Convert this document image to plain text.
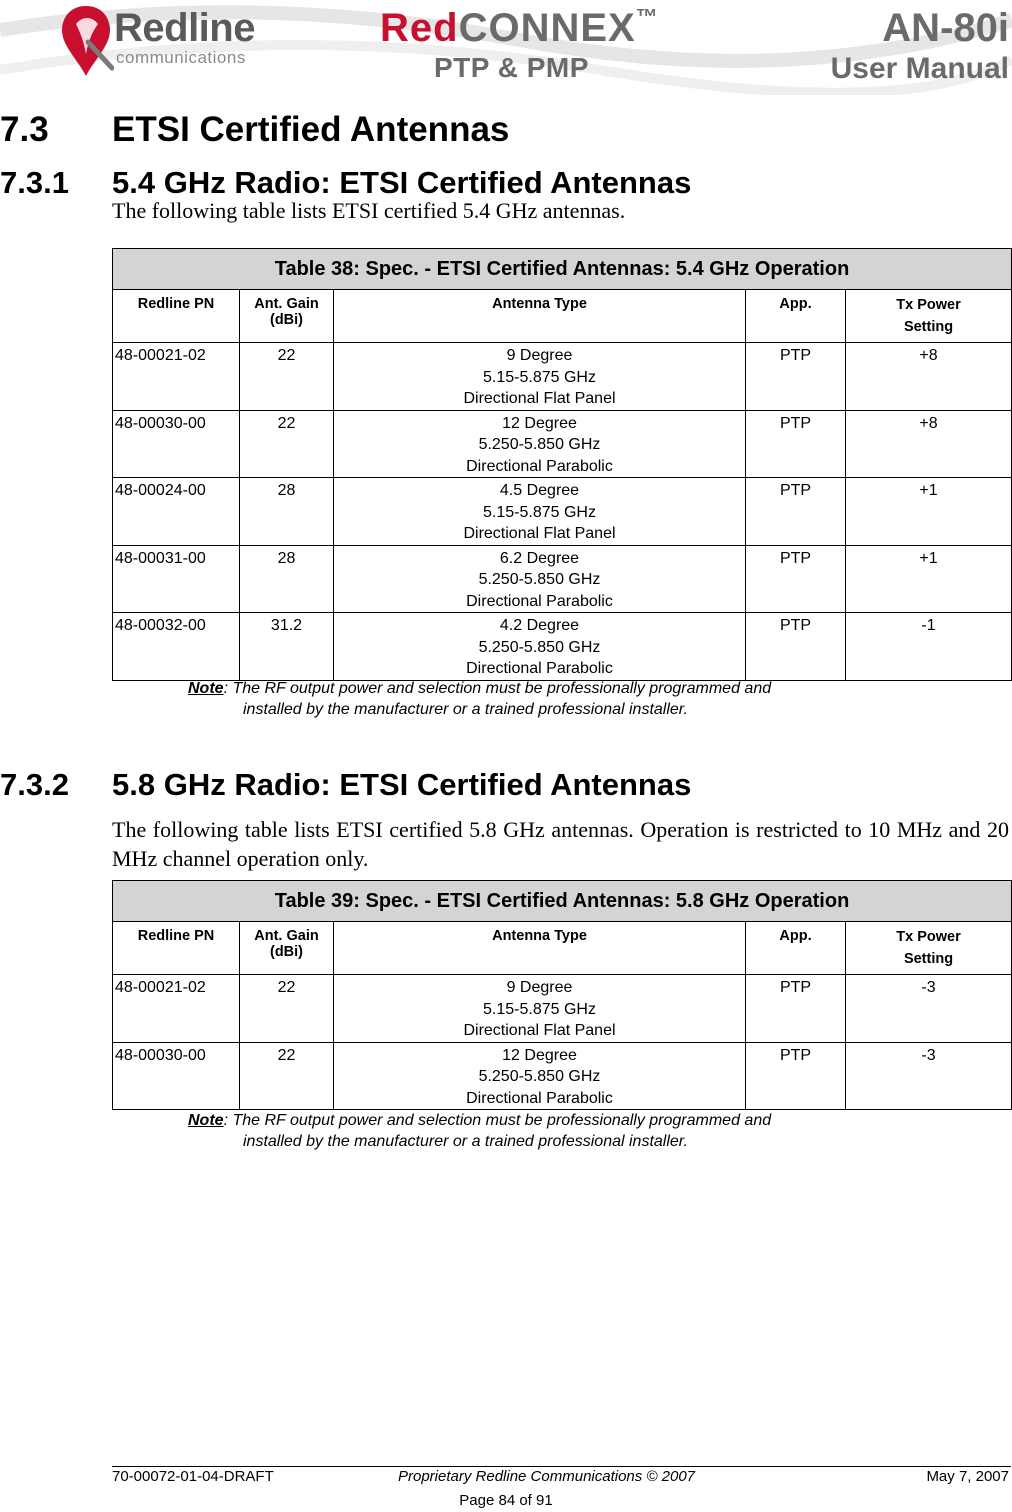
Redline
communications
RedCONNEX™
PTP & PMP
AN-80i
User Manual
7.3 ETSI Certified Antennas
7.3.1 5.4 GHz Radio: ETSI Certified Antennas

The following table lists ETSI certified 5.4 GHz antennas.

Table 38: Spec. - ETSI Certified Antennas: 5.4 GHz Operation				

Redline PN	Ant. Gain
(dBi)	Antenna Type	App.	Tx Power
Setting

48-00021-02	22	9 Degree
5.15-5.875 GHz
Directional Flat Panel	PTP	+8
48-00030-00	22	12 Degree
5.250-5.850 GHz
Directional Parabolic	PTP	+8
48-00024-00	28	4.5 Degree
5.15-5.875 GHz
Directional Flat Panel	PTP	+1
48-00031-00	28	6.2 Degree
5.250-5.850 GHz
Directional Parabolic	PTP	+1
48-00032-00	31.2	4.2 Degree
5.250-5.850 GHz
Directional Parabolic	PTP	-1
Note: The RF output power and selection must be professionally programmed and
installed by the manufacturer or a trained professional installer.
7.3.2 5.8 GHz Radio: ETSI Certified Antennas

The following table lists ETSI certified 5.8 GHz antennas. Operation is restricted to 10 MHz and 20 MHz channel operation only.

Table 39: Spec. - ETSI Certified Antennas: 5.8 GHz Operation				

Redline PN	Ant. Gain
(dBi)	Antenna Type	App.	Tx Power
Setting

48-00021-02	22	9 Degree
5.15-5.875 GHz
Directional Flat Panel	PTP	-3
48-00030-00	22	12 Degree
5.250-5.850 GHz
Directional Parabolic	PTP	-3
Note: The RF output power and selection must be professionally programmed and
installed by the manufacturer or a trained professional installer.
70-00072-01-04-DRAFT	Proprietary Redline Communications © 2007	May 7, 2007
Page 84 of 91
